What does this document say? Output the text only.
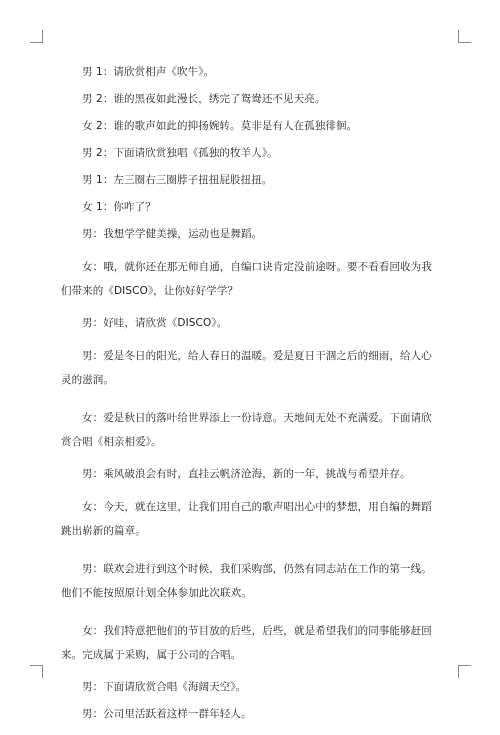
男 1：请欣赏相声《吹牛》。

男 2：谁的黑夜如此漫长，绣完了鸳鸯还不见天亮。

女 2：谁的歌声如此的抑扬婉转。莫非是有人在孤独徘徊。

男 2：下面请欣赏独唱《孤独的牧羊人》。

男 1：左三圈右三圈脖子扭扭屁股扭扭。

女 1：你咋了？

男：我想学学健美操，运动也是舞蹈。

女：哦，就你还在那无师自通，自编口诀肯定没前途呀。要不看看回收为我们带来的《DISCO》，让你好好学学？

男：好哇，请欣赏《DISCO》。

男：爱是冬日的阳光，给人春日的温暖。爱是夏日干涸之后的细雨，给人心灵的滋润。

女：爱是秋日的落叶给世界添上一份诗意。天地间无处不充满爱。下面请欣赏合唱《相亲相爱》。

男：乘风破浪会有时，直挂云帆济沧海，新的一年，挑战与希望并存。

女：今天，就在这里，让我们用自己的歌声唱出心中的梦想，用自编的舞蹈跳出崭新的篇章。

男：联欢会进行到这个时候，我们采购部，仍然有同志站在工作的第一线。他们不能按照原计划全体参加此次联欢。

女：我们特意把他们的节目放的后些，后些，就是希望我们的同事能够赶回来。完成属于采购，属于公司的合唱。

男：下面请欣赏合唱《海阔天空》。

男：公司里活跃着这样一群年轻人。
